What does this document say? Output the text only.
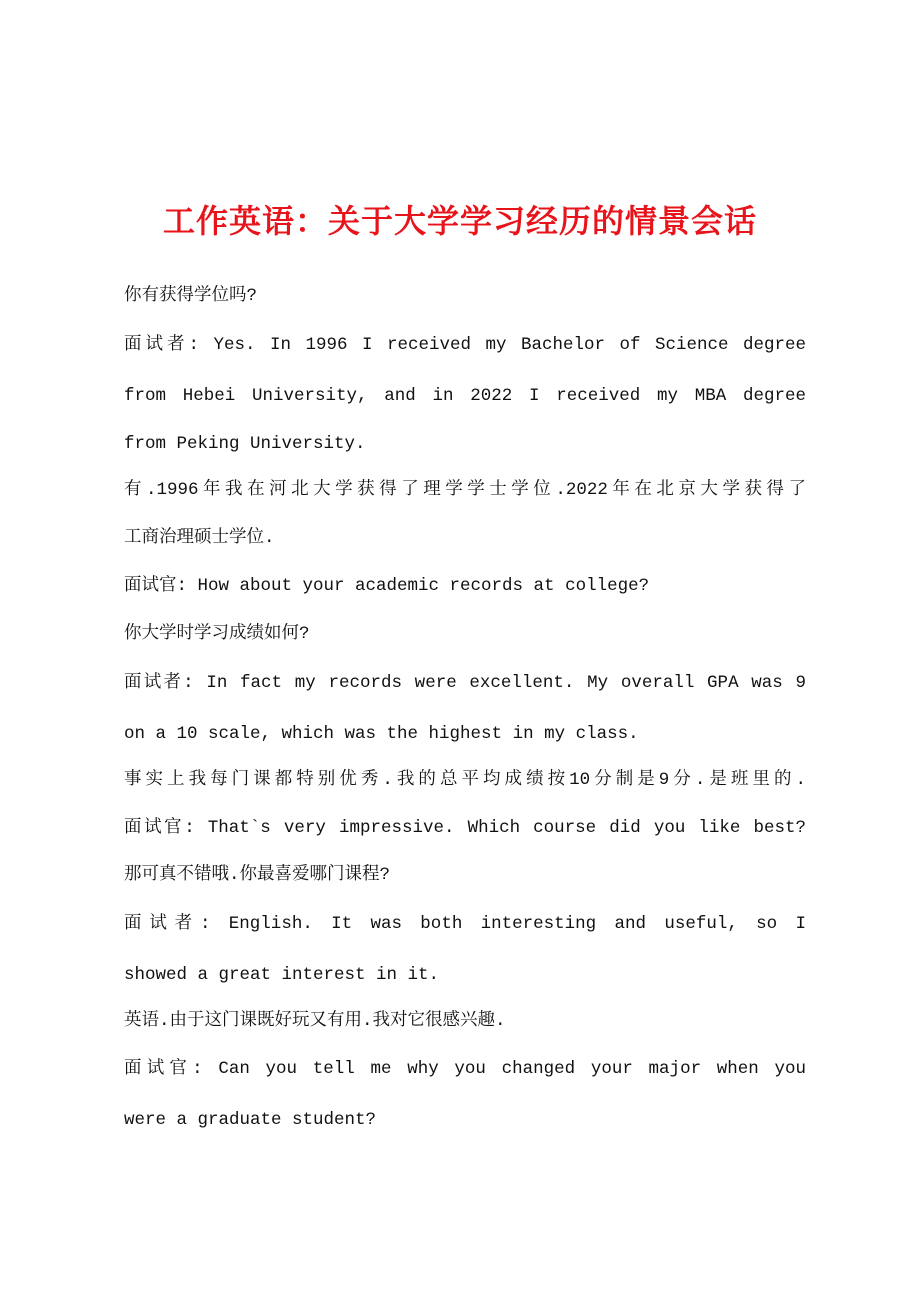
工作英语：关于大学学习经历的情景会话
你有获得学位吗?
面试者: Yes. In 1996 I received my Bachelor of Science degree
from Hebei University, and in 2022 I received my MBA degree
from Peking University.
有.1996年我在河北大学获得了理学学士学位.2022年在北京大学获得了
工商治理硕士学位.
面试官: How about your academic records at college?
你大学时学习成绩如何?
面试者: In fact my records were excellent. My overall GPA was 9
on a 10 scale, which was the highest in my class.
事实上我每门课都特别优秀.我的总平均成绩按10分制是9分.是班里的.
面试官: That`s very impressive. Which course did you like best?
那可真不错哦.你最喜爱哪门课程?
面试者: English. It was both interesting and useful, so I
showed a great interest in it.
英语.由于这门课既好玩又有用.我对它很感兴趣.
面试官: Can you tell me why you changed your major when you
were a graduate student?
